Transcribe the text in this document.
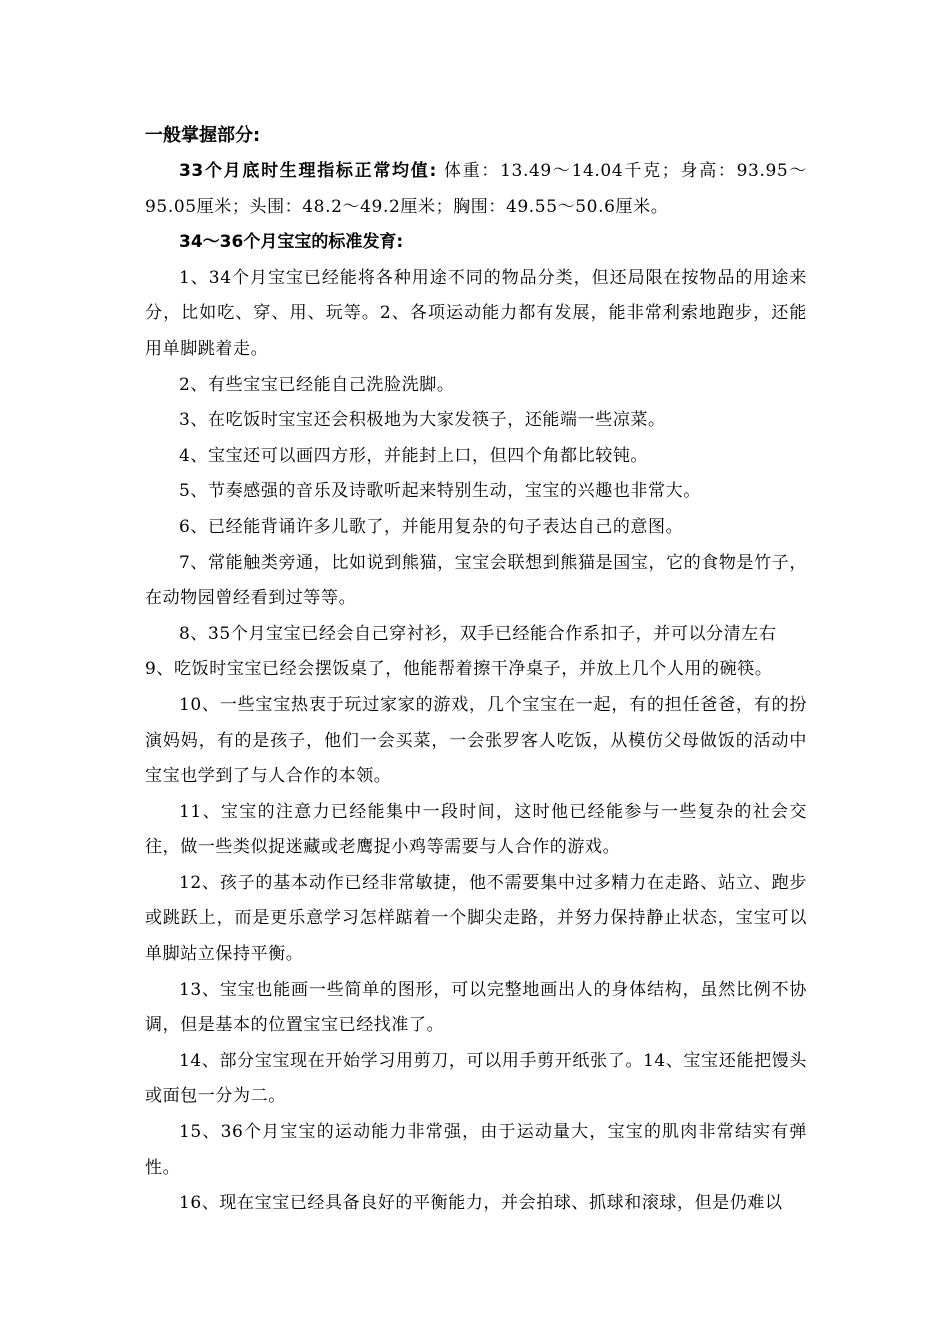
一般掌握部分:

33个月底时生理指标正常均值: 体重：13.49～14.04千克；身高：93.95～95.05厘米；头围：48.2～49.2厘米；胸围：49.55～50.6厘米。

34～36个月宝宝的标准发育:

1、34个月宝宝已经能将各种用途不同的物品分类，但还局限在按物品的用途来分，比如吃、穿、用、玩等。2、各项运动能力都有发展，能非常利索地跑步，还能用单脚跳着走。

2、有些宝宝已经能自己洗脸洗脚。

3、在吃饭时宝宝还会积极地为大家发筷子，还能端一些凉菜。

4、宝宝还可以画四方形，并能封上口，但四个角都比较钝。

5、节奏感强的音乐及诗歌听起来特别生动，宝宝的兴趣也非常大。

6、已经能背诵许多儿歌了，并能用复杂的句子表达自己的意图。

7、常能触类旁通，比如说到熊猫，宝宝会联想到熊猫是国宝，它的食物是竹子，在动物园曾经看到过等等。

8、35个月宝宝已经会自己穿衬衫，双手已经能合作系扣子，并可以分清左右

9、吃饭时宝宝已经会摆饭桌了，他能帮着擦干净桌子，并放上几个人用的碗筷。

10、一些宝宝热衷于玩过家家的游戏，几个宝宝在一起，有的担任爸爸，有的扮演妈妈，有的是孩子，他们一会买菜，一会张罗客人吃饭，从模仿父母做饭的活动中宝宝也学到了与人合作的本领。

11、宝宝的注意力已经能集中一段时间，这时他已经能参与一些复杂的社会交往，做一些类似捉迷藏或老鹰捉小鸡等需要与人合作的游戏。

12、孩子的基本动作已经非常敏捷，他不需要集中过多精力在走路、站立、跑步或跳跃上，而是更乐意学习怎样踮着一个脚尖走路，并努力保持静止状态，宝宝可以单脚站立保持平衡。

13、宝宝也能画一些简单的图形，可以完整地画出人的身体结构，虽然比例不协调，但是基本的位置宝宝已经找准了。

14、部分宝宝现在开始学习用剪刀，可以用手剪开纸张了。14、宝宝还能把馒头或面包一分为二。

15、36个月宝宝的运动能力非常强，由于运动量大，宝宝的肌肉非常结实有弹性。

16、现在宝宝已经具备良好的平衡能力，并会拍球、抓球和滚球，但是仍难以
